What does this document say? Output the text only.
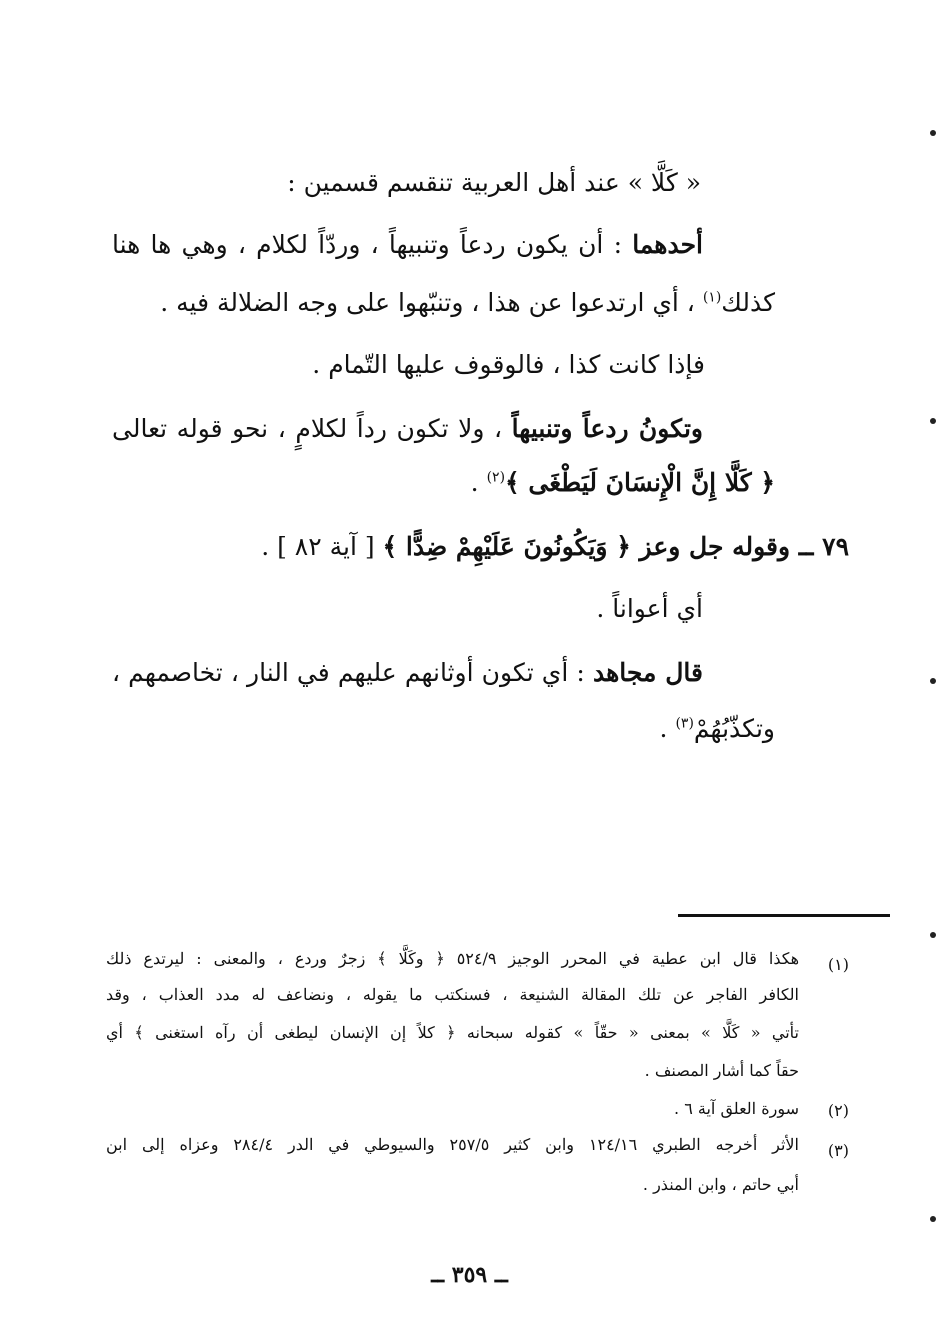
« كَلَّا » عند أهل العربية تنقسم قسمين :
أحدهما : أن يكون ردعاً وتنبيهاً ، وردّاً لكلام ، وهي ها هنا
كذلك$^{(١)}$ ، أي ارتدعوا عن هذا ، وتنبّهوا على وجه الضلالة فيه .
فإذا كانت كذا ، فالوقوف عليها التّمام .
وتكونُ ردعاً وتنبيهاً ، ولا تكون رداً لكلامٍ ، نحو قوله تعالى
﴿ كَلَّا إِنَّ الْإِنسَانَ لَيَطْغَى ﴾$^{(٢)}$ .
٧٩ ــ وقوله جل وعز ﴿ وَيَكُونُونَ عَلَيْهِمْ ضِدًّا ﴾ [ آية ٨٢ ] .
أي أعواناً .
قال مجاهد : أي تكون أوثانهم عليهم في النار ، تخاصمهم ،
وتكذّبُهُمْ$^{(٣)}$ .
(١)
هكذا قال ابن عطية في المحرر الوجيز ٥٢٤/٩ ﴿ وكَلَّا ﴾ زجرٌ وردع ، والمعنى : ليرتدع ذلك
الكافر الفاجر عن تلك المقالة الشنيعة ، فسنكتب ما يقوله ، ونضاعف له مدد العذاب ، وقد
تأتي « كَلَّا » بمعنى « حقّاً » كقوله سبحانه ﴿ كلاً إن الإنسان ليطغى أن رآه استغنى ﴾ أي
حقاً كما أشار المصنف .
(٢)
سورة العلق آية ٦ .
(٣)
الأثر أخرجه الطبري ١٢٤/١٦ وابن كثير ٢٥٧/٥ والسيوطي في الدر ٢٨٤/٤ وعزاه إلى ابن
أبي حاتم ، وابن المنذر .
ــ ٣٥٩ ــ
